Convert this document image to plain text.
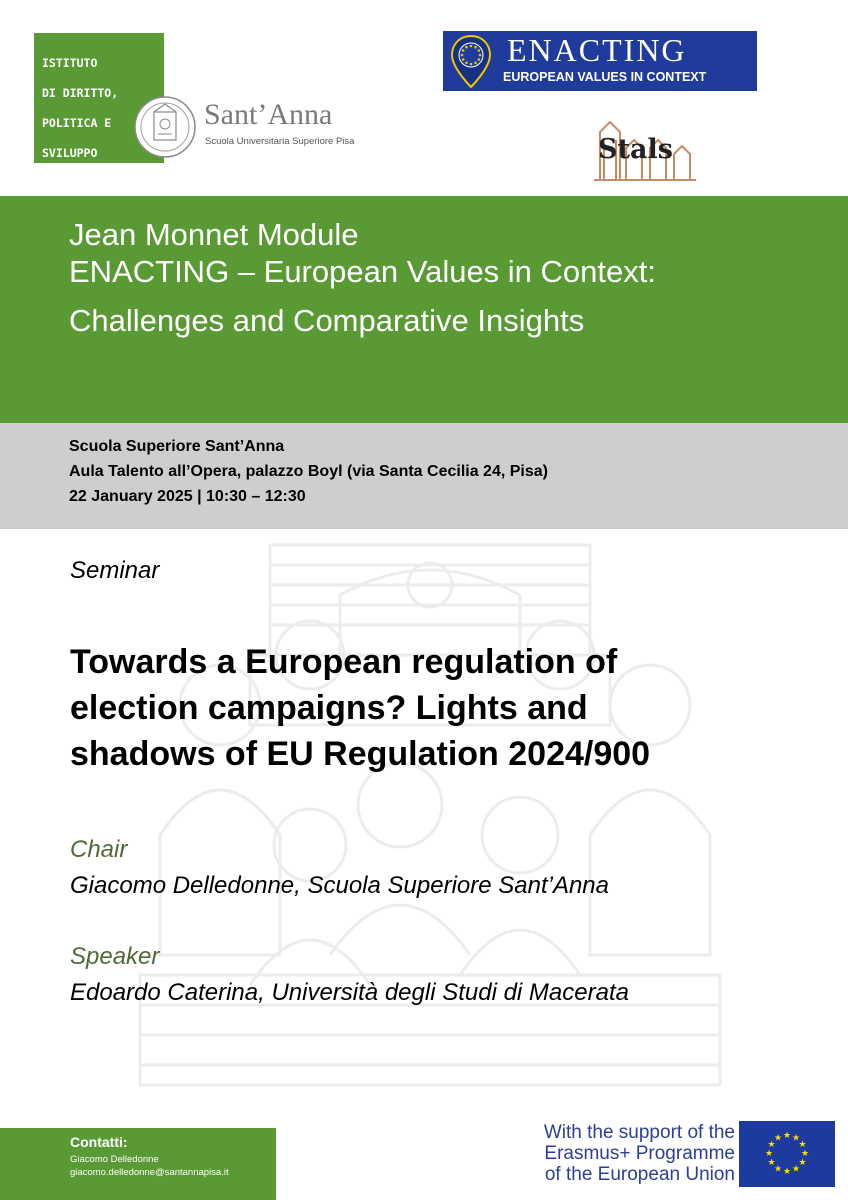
ISTITUTO

DI DIRITTO,

POLITICA E

SVILUPPO

Sant’Anna
Scuola Universitaria Superiore Pisa
ENACTING
EUROPEAN VALUES IN CONTEXT
Stals
Jean Monnet Module
ENACTING – European Values in Context:
Challenges and Comparative Insights
Scuola Superiore Sant’Anna
Aula Talento all’Opera, palazzo Boyl (via Santa Cecilia 24, Pisa)
22 January 2025 | 10:30 – 12:30
Seminar
Towards a European regulation of
election campaigns? Lights and
shadows of EU Regulation 2024/900
Chair
Giacomo Delledonne, Scuola Superiore Sant’Anna
Speaker
Edoardo Caterina, Università degli Studi di Macerata
Contatti:
Giacomo Delledonne
giacomo.delledonne@santannapisa.it
With the support of the
Erasmus+ Programme
of the European Union
★ ★
★
★
★
★
★
★
★
★
★
★
